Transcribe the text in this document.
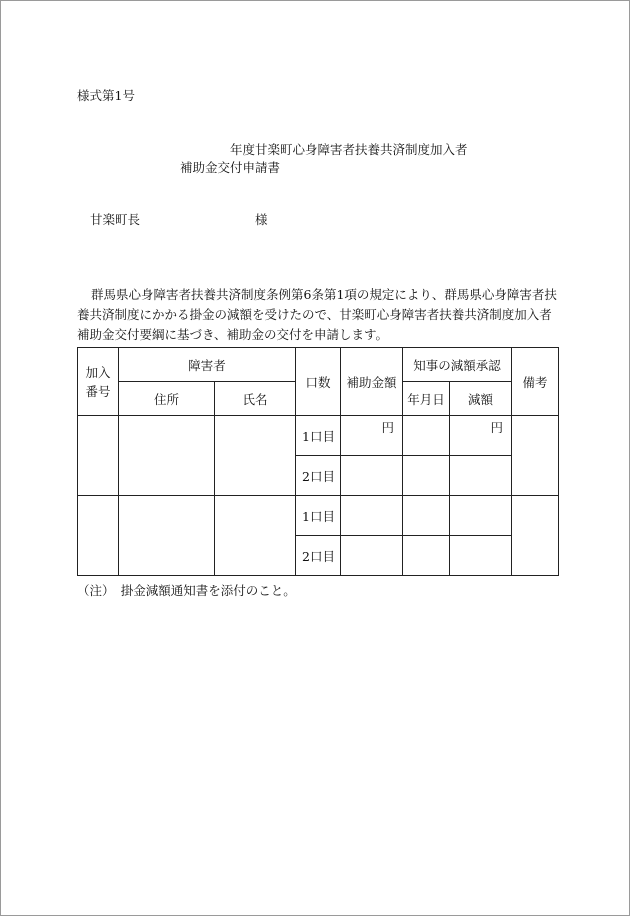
様式第1号
年度甘楽町心身障害者扶養共済制度加入者
補助金交付申請書
甘楽町長	様
群馬県心身障害者扶養共済制度条例第6条第1項の規定により、群馬県心身障害者扶養共済制度にかかる掛金の減額を受けたので、甘楽町心身障害者扶養共済制度加入者補助金交付要綱に基づき、補助金の交付を申請します。
加入
番号	障害者		口数	補助金額	知事の減額承認		備考
	住所	氏名			年月日	減額	
			1口目	円		円	
			2口目				
			1口目				
			2口目				
（注）　掛金減額通知書を添付のこと。
